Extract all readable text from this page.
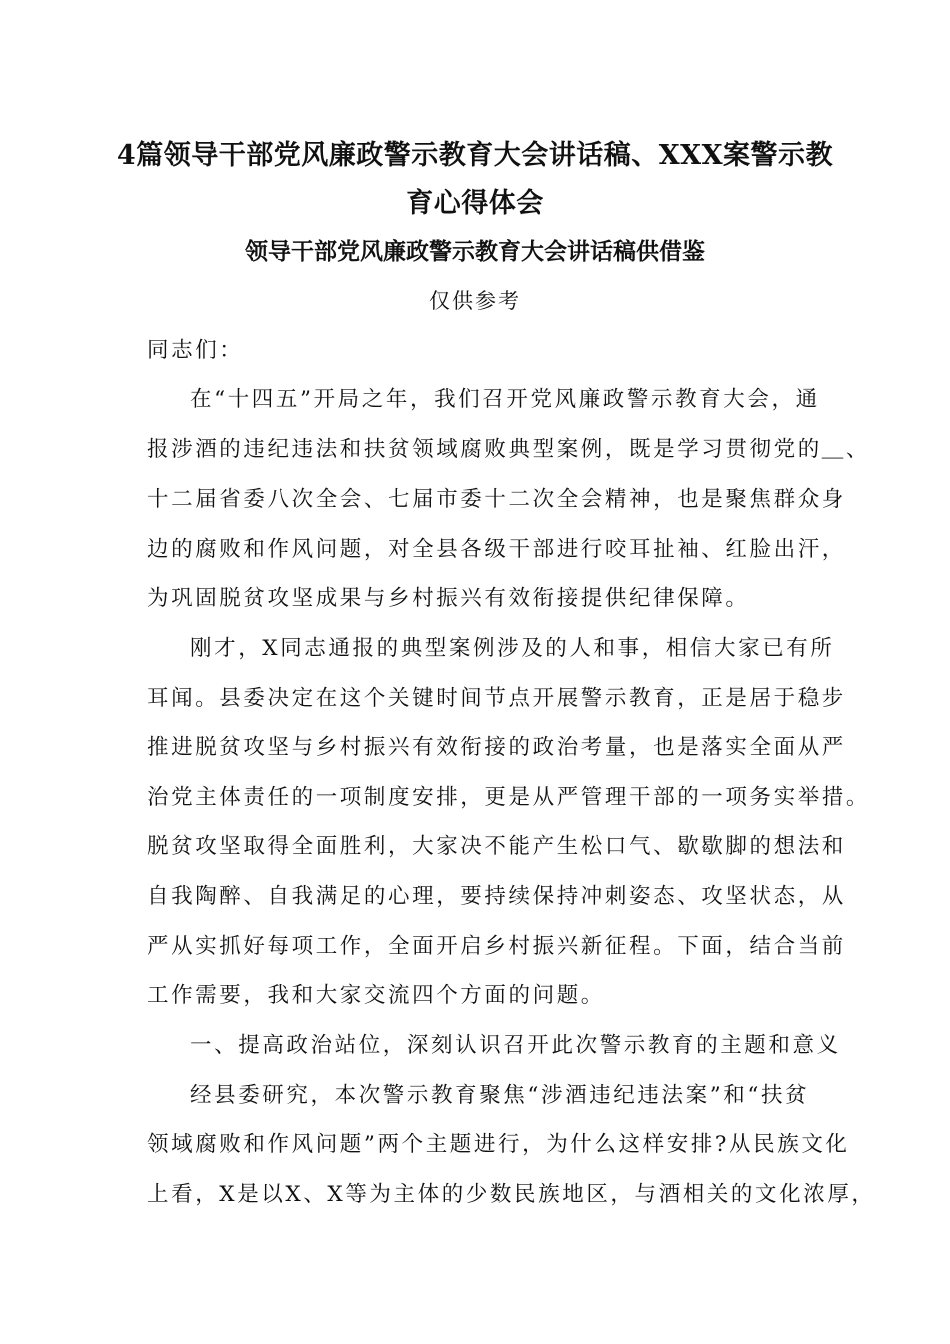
4篇领导干部党风廉政警示教育大会讲话稿、XXX案警示教
育心得体会
领导干部党风廉政警示教育大会讲话稿供借鉴
仅供参考
同志们：
在“十四五”开局之年，我们召开党风廉政警示教育大会，通
报涉酒的违纪违法和扶贫领域腐败典型案例，既是学习贯彻党的＿、
十二届省委八次全会、七届市委十二次全会精神，也是聚焦群众身
边的腐败和作风问题，对全县各级干部进行咬耳扯袖、红脸出汗，
为巩固脱贫攻坚成果与乡村振兴有效衔接提供纪律保障。
刚才，X同志通报的典型案例涉及的人和事，相信大家已有所
耳闻。县委决定在这个关键时间节点开展警示教育，正是居于稳步
推进脱贫攻坚与乡村振兴有效衔接的政治考量，也是落实全面从严
治党主体责任的一项制度安排，更是从严管理干部的一项务实举措。
脱贫攻坚取得全面胜利，大家决不能产生松口气、歇歇脚的想法和
自我陶醉、自我满足的心理，要持续保持冲刺姿态、攻坚状态，从
严从实抓好每项工作，全面开启乡村振兴新征程。下面，结合当前
工作需要，我和大家交流四个方面的问题。
一、提高政治站位，深刻认识召开此次警示教育的主题和意义
经县委研究，本次警示教育聚焦“涉酒违纪违法案”和“扶贫
领域腐败和作风问题”两个主题进行，为什么这样安排?从民族文化
上看，X是以X、X等为主体的少数民族地区，与酒相关的文化浓厚，
